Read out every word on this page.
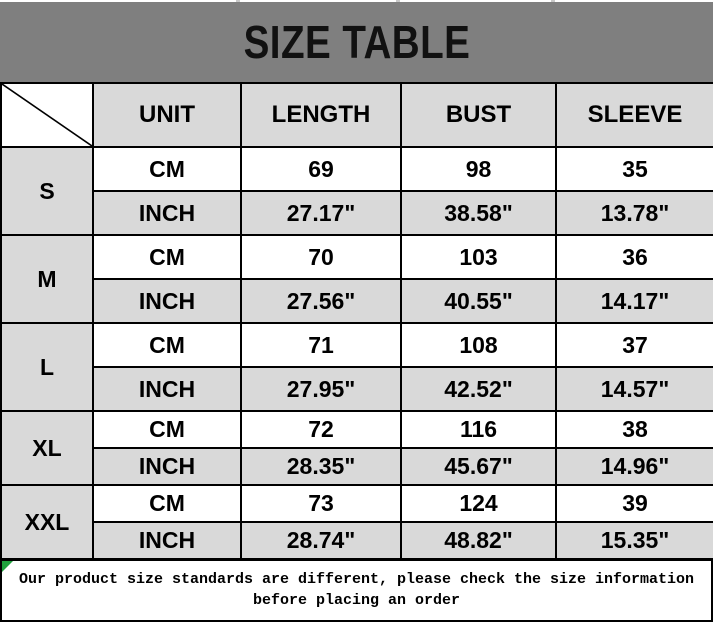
SIZE TABLE
	UNIT	LENGTH	BUST	SLEEVE
S	CM	69	98	35
	INCH	27.17"	38.58"	13.78"
M	CM	70	103	36
	INCH	27.56"	40.55"	14.17"
L	CM	71	108	37
	INCH	27.95"	42.52"	14.57"
XL	CM	72	116	38
	INCH	28.35"	45.67"	14.96"
XXL	CM	73	124	39
	INCH	28.74"	48.82"	15.35"
Our product size standards are different, please check the size information
before placing an order
